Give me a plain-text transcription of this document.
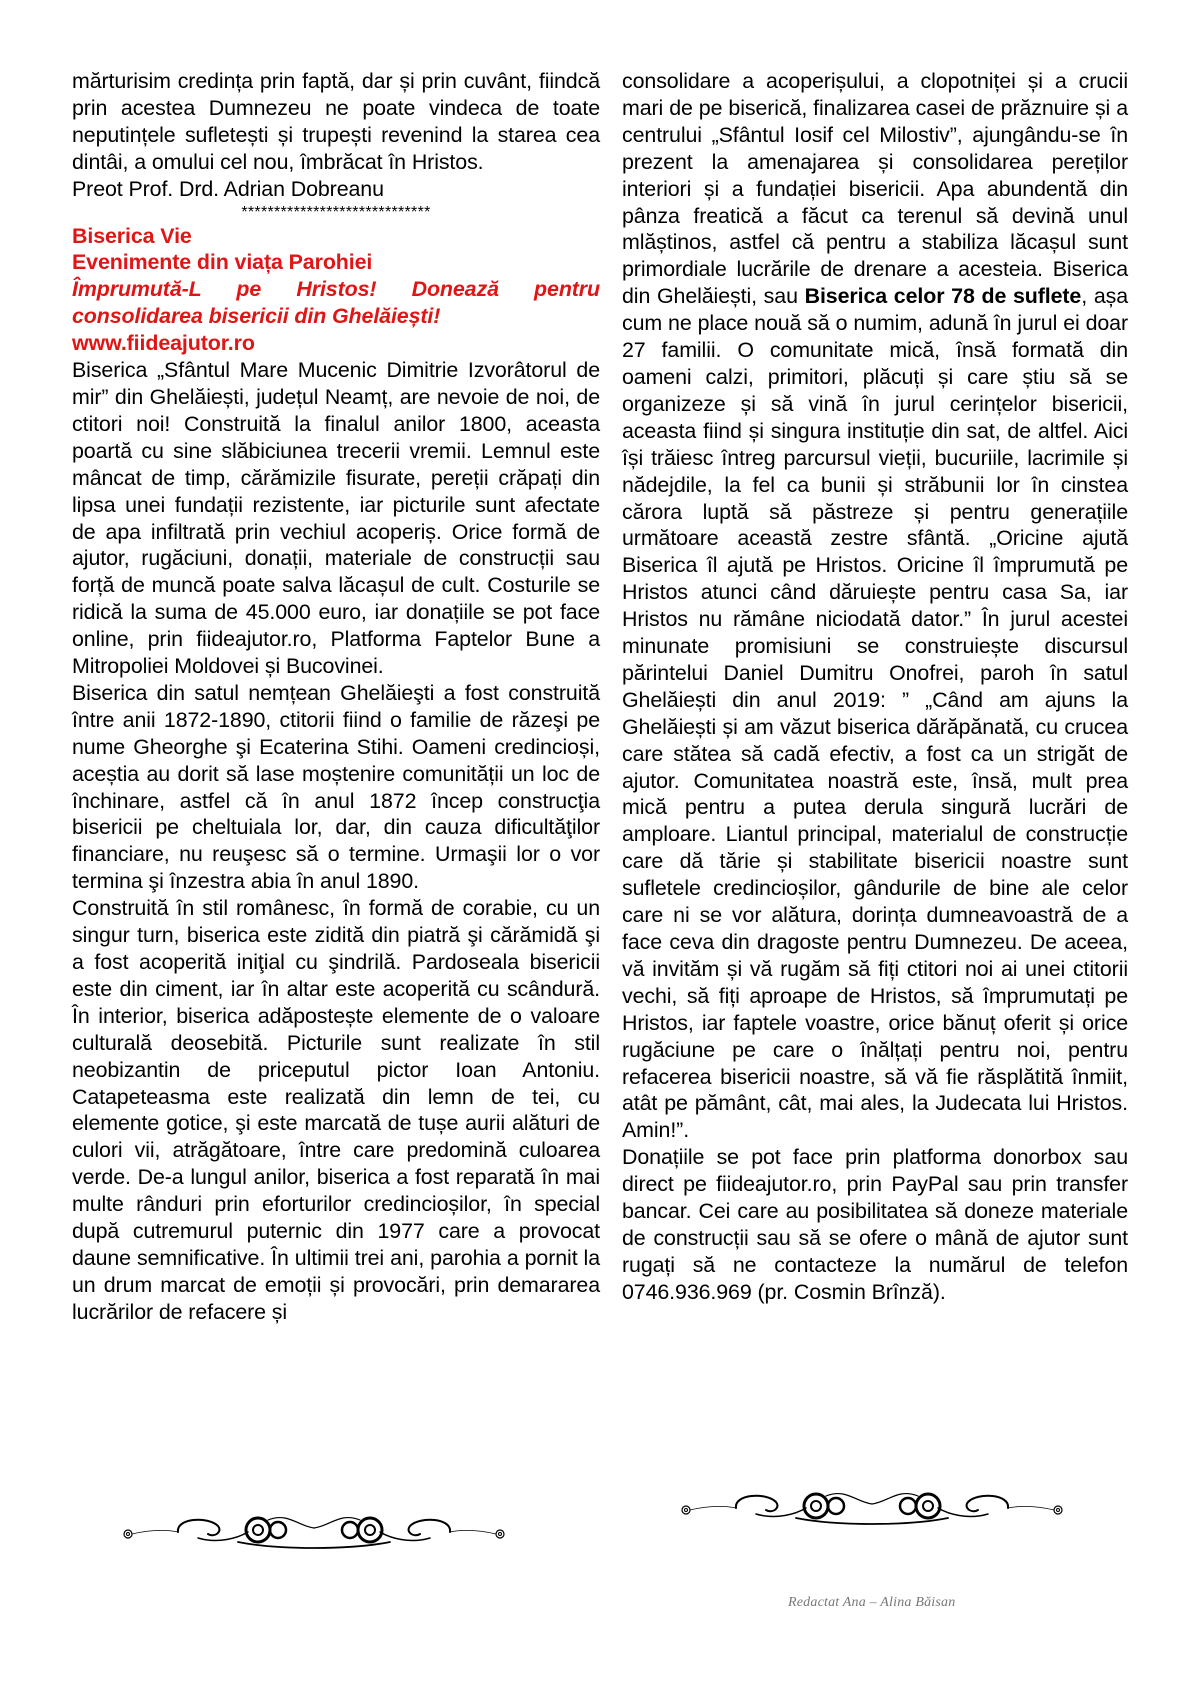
mărturisim credința prin faptă, dar și prin cuvânt, fiindcă prin acestea Dumnezeu ne poate vindeca de toate neputințele sufletești și trupești revenind la starea cea dintâi, a omului cel nou, îmbrăcat în Hristos.

Preot Prof. Drd. Adrian Dobreanu

*****************************

Biserica Vie

Evenimente din viața Parohiei

Împrumută-L pe Hristos! Donează pentru consolidarea bisericii din Ghelăiești!

www.fiideajutor.ro

Biserica „Sfântul Mare Mucenic Dimitrie Izvorâtorul de mir” din Ghelăiești, județul Neamț, are nevoie de noi, de ctitori noi! Construită la finalul anilor 1800, aceasta poartă cu sine slăbiciunea trecerii vremii. Lemnul este mâncat de timp, cărămizile fisurate, pereții crăpați din lipsa unei fundații rezistente, iar picturile sunt afectate de apa infiltrată prin vechiul acoperiș. Orice formă de ajutor, rugăciuni, donații, materiale de construcții sau forță de muncă poate salva lăcașul de cult. Costurile se ridică la suma de 45.000 euro, iar donațiile se pot face online, prin fiideajutor.ro, Platforma Faptelor Bune a Mitropoliei Moldovei și Bucovinei.

Biserica din satul nemțean Ghelăieşti a fost construită între anii 1872-1890, ctitorii fiind o familie de răzeşi pe nume Gheorghe şi Ecaterina Stihi. Oameni credincioși, aceștia au dorit să lase moștenire comunității un loc de închinare, astfel că în anul 1872 încep construcţia bisericii pe cheltuiala lor, dar, din cauza dificultăţilor financiare, nu reuşesc să o termine. Urmaşii lor o vor termina şi înzestra abia în anul 1890.

Construită în stil românesc, în formă de corabie, cu un singur turn, biserica este zidită din piatră şi cărămidă şi a fost acoperită iniţial cu şindrilă. Pardoseala bisericii este din ciment, iar în altar este acoperită cu scândură. În interior, biserica adăpostește elemente de o valoare culturală deosebită. Picturile sunt realizate în stil neobizantin de priceputul pictor Ioan Antoniu. Catapeteasma este realizată din lemn de tei, cu elemente gotice, şi este marcată de tușe aurii alături de culori vii, atrăgătoare, între care predomină culoarea verde. De-a lungul anilor, biserica a fost reparată în mai multe rânduri prin eforturilor credincioșilor, în special după cutremurul puternic din 1977 care a provocat daune semnificative. În ultimii trei ani, parohia a pornit la un drum marcat de emoții și provocări, prin demararea lucrărilor de refacere și

consolidare a acoperișului, a clopotniței și a crucii mari de pe biserică, finalizarea casei de prăznuire și a centrului „Sfântul Iosif cel Milostiv”, ajungându-se în prezent la amenajarea și consolidarea pereților interiori și a fundației bisericii. Apa abundentă din pânza freatică a făcut ca terenul să devină unul mlăștinos, astfel că pentru a stabiliza lăcașul sunt primordiale lucrările de drenare a acesteia. Biserica din Ghelăiești, sau Biserica celor 78 de suflete, așa cum ne place nouă să o numim, adună în jurul ei doar 27 familii. O comunitate mică, însă formată din oameni calzi, primitori, plăcuți și care știu să se organizeze și să vină în jurul cerințelor bisericii, aceasta fiind și singura instituție din sat, de altfel. Aici își trăiesc întreg parcursul vieții, bucuriile, lacrimile și nădejdile, la fel ca bunii și străbunii lor în cinstea cărora luptă să păstreze și pentru generațiile următoare această zestre sfântă. „Oricine ajută Biserica îl ajută pe Hristos. Oricine îl împrumută pe Hristos atunci când dăruiește pentru casa Sa, iar Hristos nu rămâne niciodată dator.” În jurul acestei minunate promisiuni se construiește discursul părintelui Daniel Dumitru Onofrei, paroh în satul Ghelăiești din anul 2019: ” „Când am ajuns la Ghelăiești și am văzut biserica dărăpănată, cu crucea care stătea să cadă efectiv, a fost ca un strigăt de ajutor. Comunitatea noastră este, însă, mult prea mică pentru a putea derula singură lucrări de amploare. Liantul principal, materialul de construcție care dă tărie și stabilitate bisericii noastre sunt sufletele credincioșilor, gândurile de bine ale celor care ni se vor alătura, dorința dumneavoastră de a face ceva din dragoste pentru Dumnezeu. De aceea, vă invităm și vă rugăm să fiți ctitori noi ai unei ctitorii vechi, să fiți aproape de Hristos, să împrumutați pe Hristos, iar faptele voastre, orice bănuț oferit și orice rugăciune pe care o înălțați pentru noi, pentru refacerea bisericii noastre, să vă fie răsplătită înmiit, atât pe pământ, cât, mai ales, la Judecata lui Hristos. Amin!”.

Donațiile se pot face prin platforma donorbox sau direct pe fiideajutor.ro, prin PayPal sau prin transfer bancar. Cei care au posibilitatea să doneze materiale de construcții sau să se ofere o mână de ajutor sunt rugați să ne contacteze la numărul de telefon 0746.936.969 (pr. Cosmin Brînză).

Redactat Ana – Alina Băisan
